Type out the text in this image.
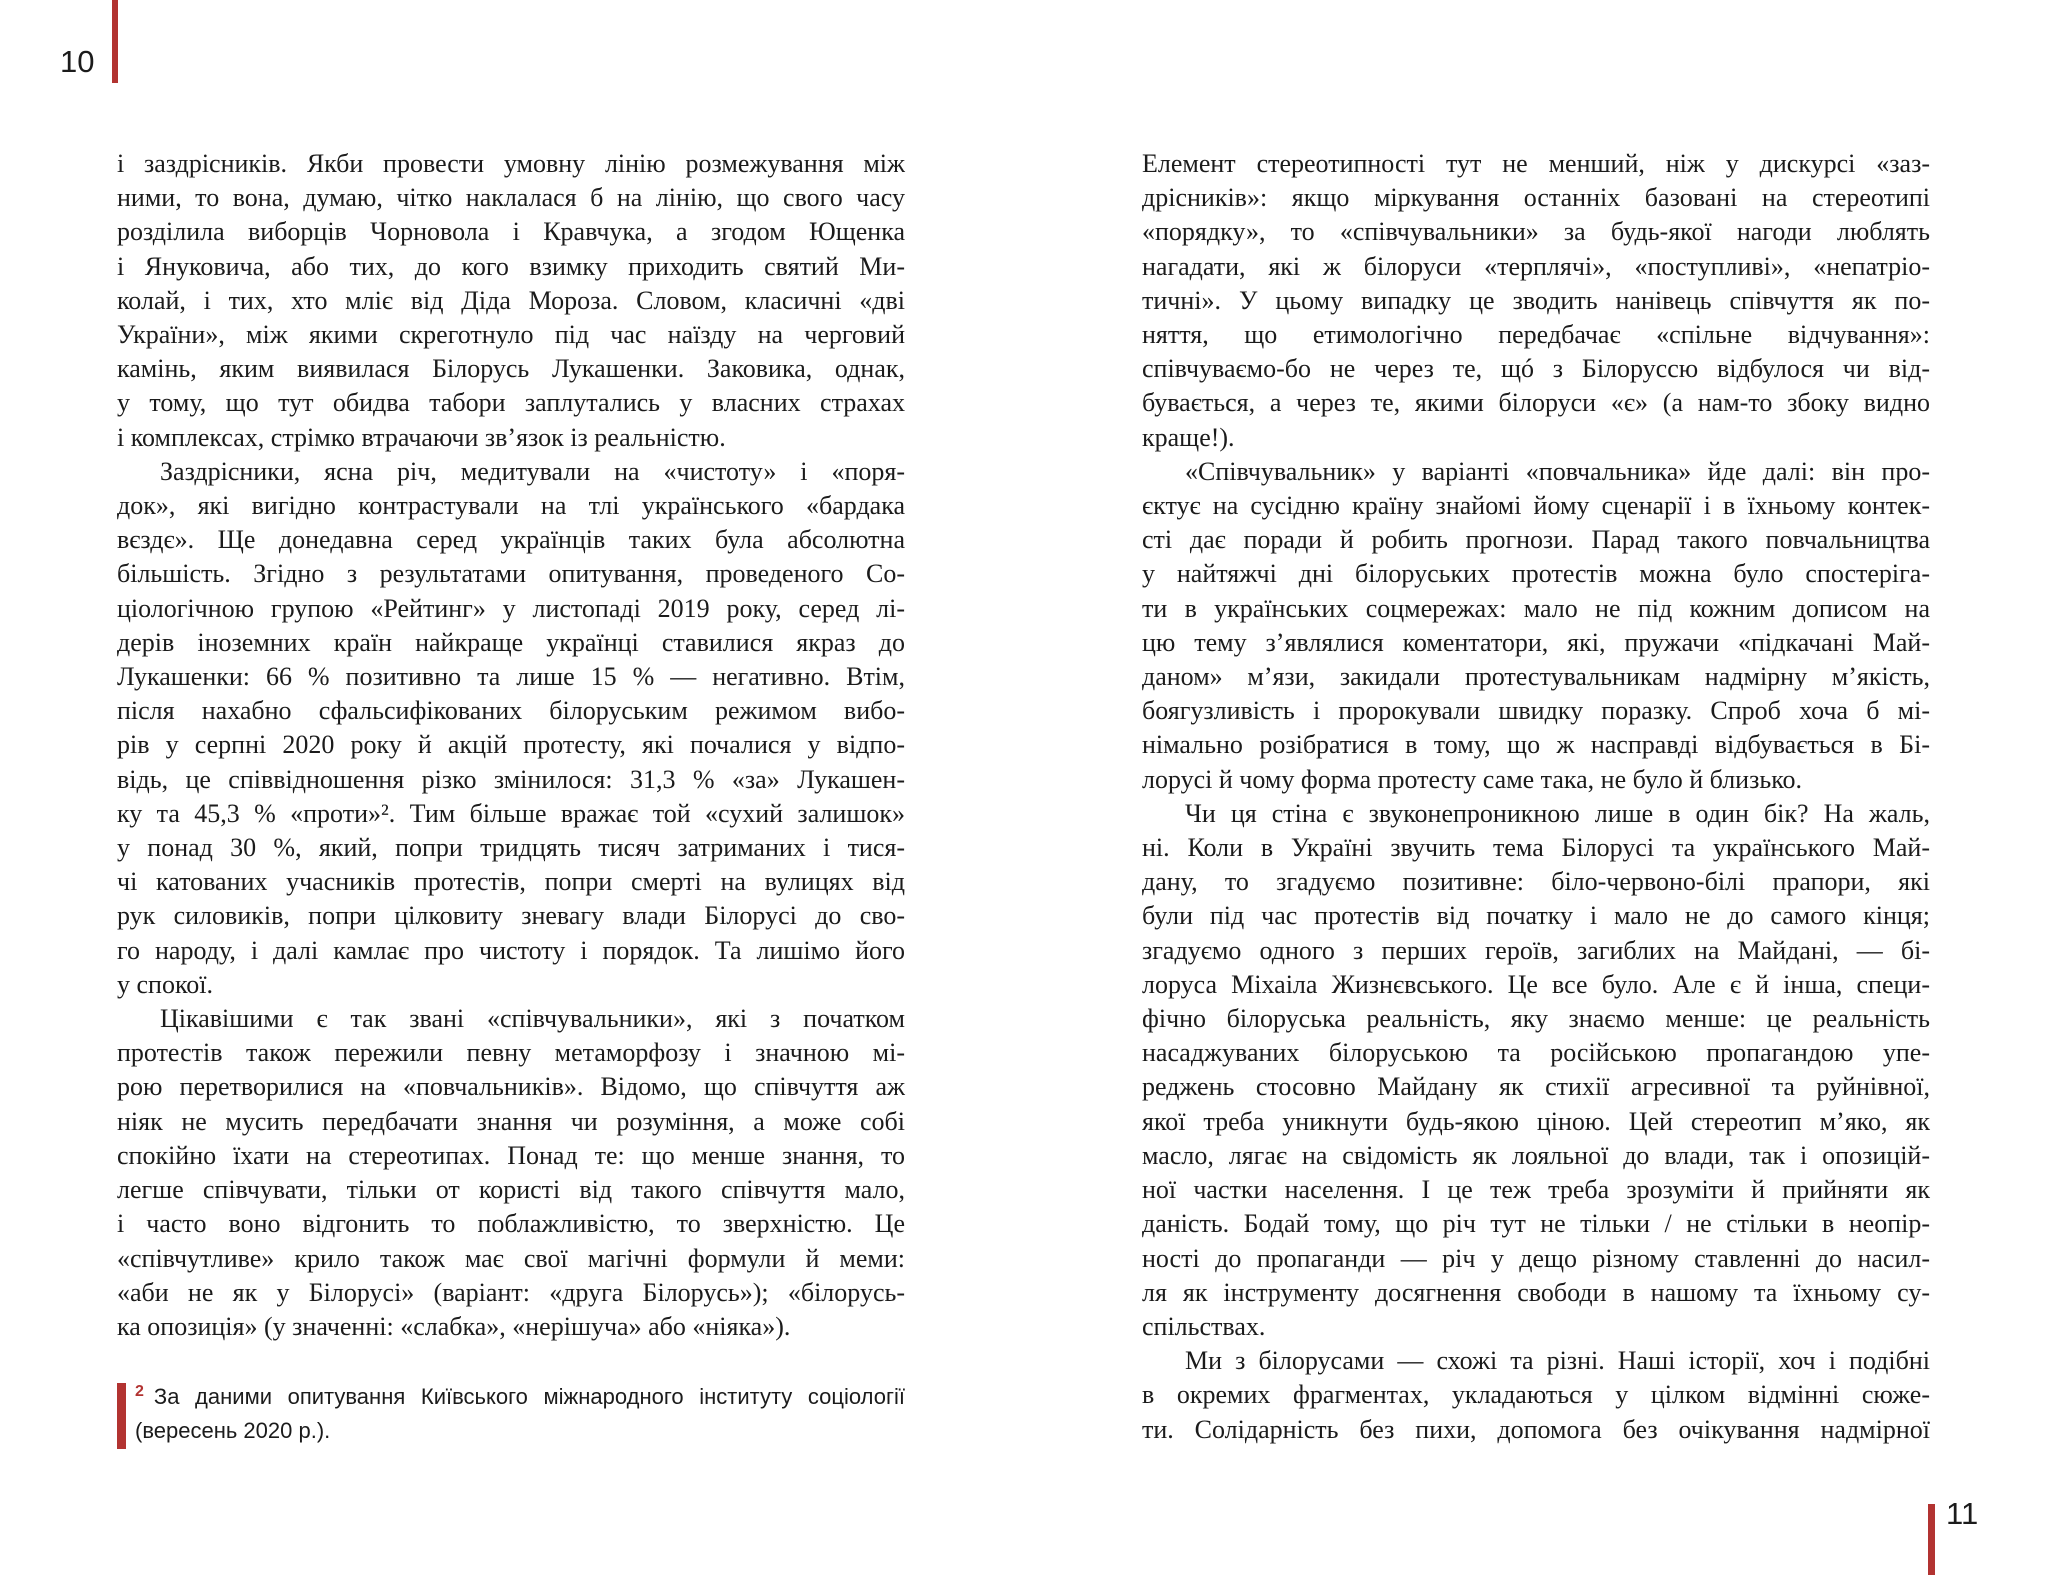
10
і заздрісників. Якби провести умовну лінію розмежування між
ними, то вона, думаю, чітко наклалася б на лінію, що свого часу
розділила виборців Чорновола і Кравчука, а згодом Ющенка
і Януковича, або тих, до кого взимку приходить святий Ми-
колай, і тих, хто мліє від Діда Мороза. Словом, класичні «дві
України», між якими скреготнуло під час наїзду на черговий
камінь, яким виявилася Білорусь Лукашенки. Заковика, однак,
у тому, що тут обидва табори заплутались у власних страхах
і комплексах, стрімко втрачаючи зв’язок із реальністю.
Заздрісники, ясна річ, медитували на «чистоту» і «поря-
док», які вигідно контрастували на тлі українського «бардака
вєздє». Ще донедавна серед українців таких була абсолютна
більшість. Згідно з результатами опитування, проведеного Со-
ціологічною групою «Рейтинг» у листопаді 2019 року, серед лі-
дерів іноземних країн найкраще українці ставилися якраз до
Лукашенки: 66 % позитивно та лише 15 % — негативно. Втім,
після нахабно сфальсифікованих білоруським режимом вибо-
рів у серпні 2020 року й акцій протесту, які почалися у відпо-
відь, це співвідношення різко змінилося: 31,3 % «за» Лукашен-
ку та 45,3 % «проти»². Тим більше вражає той «сухий залишок»
у понад 30 %, який, попри тридцять тисяч затриманих і тися-
чі катованих учасників протестів, попри смерті на вулицях від
рук силовиків, попри цілковиту зневагу влади Білорусі до сво-
го народу, і далі камлає про чистоту і порядок. Та лишімо його
у спокої.
Цікавішими є так звані «співчувальники», які з початком
протестів також пережили певну метаморфозу і значною мі-
рою перетворилися на «повчальників». Відомо, що співчуття аж
ніяк не мусить передбачати знання чи розуміння, а може собі
спокійно їхати на стереотипах. Понад те: що менше знання, то
легше співчувати, тільки от користі від такого співчуття мало,
і часто воно відгонить то поблажливістю, то зверхністю. Це
«співчутливе» крило також має свої магічні формули й меми:
«аби не як у Білорусі» (варіант: «друга Білорусь»); «білорусь-
ка опозиція» (у значенні: «слабка», «нерішуча» або «ніяка»).
$^2$ За даними опитування Київського міжнародного інституту соціології
(вересень 2020 р.).
Елемент стереотипності тут не менший, ніж у дискурсі «заз-
дрісників»: якщо міркування останніх базовані на стереотипі
«порядку», то «співчувальники» за будь-якої нагоди люблять
нагадати, які ж білоруси «терплячі», «поступливі», «непатріо-
тичні». У цьому випадку це зводить нанівець співчуття як по-
няття, що етимологічно передбачає «спільне відчування»:
співчуваємо-бо не через те, щó з Білоруссю відбулося чи від-
бувається, а через те, якими білоруси «є» (а нам-то збоку видно
краще!).
«Співчувальник» у варіанті «повчальника» йде далі: він про-
єктує на сусідню країну знайомі йому сценарії і в їхньому контек-
сті дає поради й робить прогнози. Парад такого повчальництва
у найтяжчі дні білоруських протестів можна було спостеріга-
ти в українських соцмережах: мало не під кожним дописом на
цю тему з’являлися коментатори, які, пружачи «підкачані Май-
даном» м’язи, закидали протестувальникам надмірну м’якість,
боягузливість і пророкували швидку поразку. Спроб хоча б мі-
німально розібратися в тому, що ж насправді відбувається в Бі-
лорусі й чому форма протесту саме така, не було й близько.
Чи ця стіна є звуконепроникною лише в один бік? На жаль,
ні. Коли в Україні звучить тема Білорусі та українського Май-
дану, то згадуємо позитивне: біло-червоно-білі прапори, які
були під час протестів від початку і мало не до самого кінця;
згадуємо одного з перших героїв, загиблих на Майдані, — бі-
лоруса Міхаіла Жизнєвського. Це все було. Але є й інша, специ-
фічно білоруська реальність, яку знаємо менше: це реальність
насаджуваних білоруською та російською пропагандою упе-
реджень стосовно Майдану як стихії агресивної та руйнівної,
якої треба уникнути будь-якою ціною. Цей стереотип м’яко, як
масло, лягає на свідомість як лояльної до влади, так і опозицій-
ної частки населення. І це теж треба зрозуміти й прийняти як
даність. Бодай тому, що річ тут не тільки / не стільки в неопір-
ності до пропаганди — річ у дещо різному ставленні до насил-
ля як інструменту досягнення свободи в нашому та їхньому су-
спільствах.
Ми з білорусами — схожі та різні. Наші історії, хоч і подібні
в окремих фрагментах, укладаються у цілком відмінні сюже-
ти. Солідарність без пихи, допомога без очікування надмірної
11
